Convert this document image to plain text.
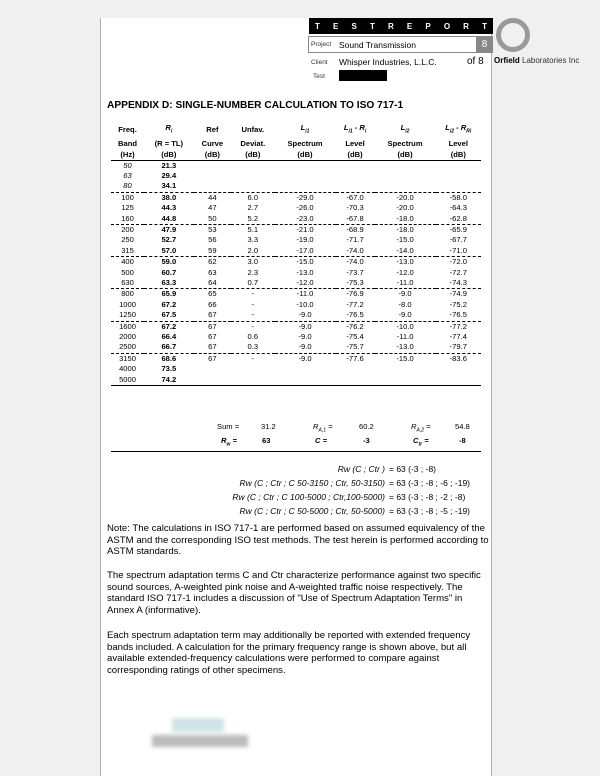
T E S T R E P O R T
Project Sound Transmission	8
Client Whisper Industries, L.L.C.	of 8
Test
APPENDIX D: SINGLE-NUMBER CALCULATION TO ISO 717-1
Freq.	$R_i$	Ref	Unfav.	$L_{i1}$	$L_{i1} - R_i$	$L_{i2}$	$L_{i2} - R_{Ri}$
Band	(R = TL)	Curve	Deviat.	Spectrum	Level	Spectrum	Level
(Hz)	(dB)	(dB)	(dB)	(dB)	(dB)	(dB)	(dB)
50	21.3						
63	29.4						
80	34.1						
100	38.0	44	6.0	-29.0	-67.0	-20.0	-58.0
125	44.3	47	2.7	-26.0	-70.3	-20.0	-64.3
160	44.8	50	5.2	-23.0	-67.8	-18.0	-62.8
200	47.9	53	5.1	-21.0	-68.9	-18.0	-65.9
250	52.7	56	3.3	-19.0	-71.7	-15.0	-67.7
315	57.0	59	2.0	-17.0	-74.0	-14.0	-71.0
400	59.0	62	3.0	-15.0	-74.0	-13.0	-72.0
500	60.7	63	2.3	-13.0	-73.7	-12.0	-72.7
630	63.3	64	0.7	-12.0	-75.3	-11.0	-74.3
800	65.9	65	-	-11.0	-76.9	-9.0	-74.9
1000	67.2	66	-	-10.0	-77.2	-8.0	-75.2
1250	67.5	67	-	-9.0	-76.5	-9.0	-76.5
1600	67.2	67	-	-9.0	-76.2	-10.0	-77.2
2000	66.4	67	0.6	-9.0	-75.4	-11.0	-77.4
2500	66.7	67	0.3	-9.0	-75.7	-13.0	-79.7
3150	68.6	67	-	-9.0	-77.6	-15.0	-83.6
4000	73.5						
5000	74.2						
Sum =	31.2	$R_{A,1}$ =	60.2	$R_{A,2}$ =	54.8
$R_w$ =	63	C =	-3	$C_{tr}$ =	-8
Rw (C ; Ctr ) = 63 (-3 ; -8)
Rw (C ; Ctr ; C 50-3150 ; Ctr, 50-3150) = 63 (-3 ; -8 ; -6 ; -19)
Rw (C ; Ctr ; C 100-5000 ; Ctr,100-5000) = 63 (-3 ; -8 ; -2 ; -8)
Rw (C ; Ctr ; C 50-5000 ; Ctr, 50-5000) = 63 (-3 ; -8 ; -5 ; -19)

Note: The calculations in ISO 717-1 are performed based on assumed equivalency of the ASTM and the corresponding ISO test methods. The test herein is performed according to ASTM standards.

The spectrum adaptation terms C and Ctr characterize performance against two specific sound sources, A-weighted pink noise and A-weighted traffic noise respectively. The standard ISO 717-1 includes a discussion of "Use of Spectrum Adaptation Terms" in Annex A (informative).

Each spectrum adaptation term may additionally be reported with extended frequency bands included. A calculation for the primary frequency range is shown above, but all available extended-frequency calculations were performed to compare against corresponding ratings of other specimens.

Orfield Laboratories Inc
